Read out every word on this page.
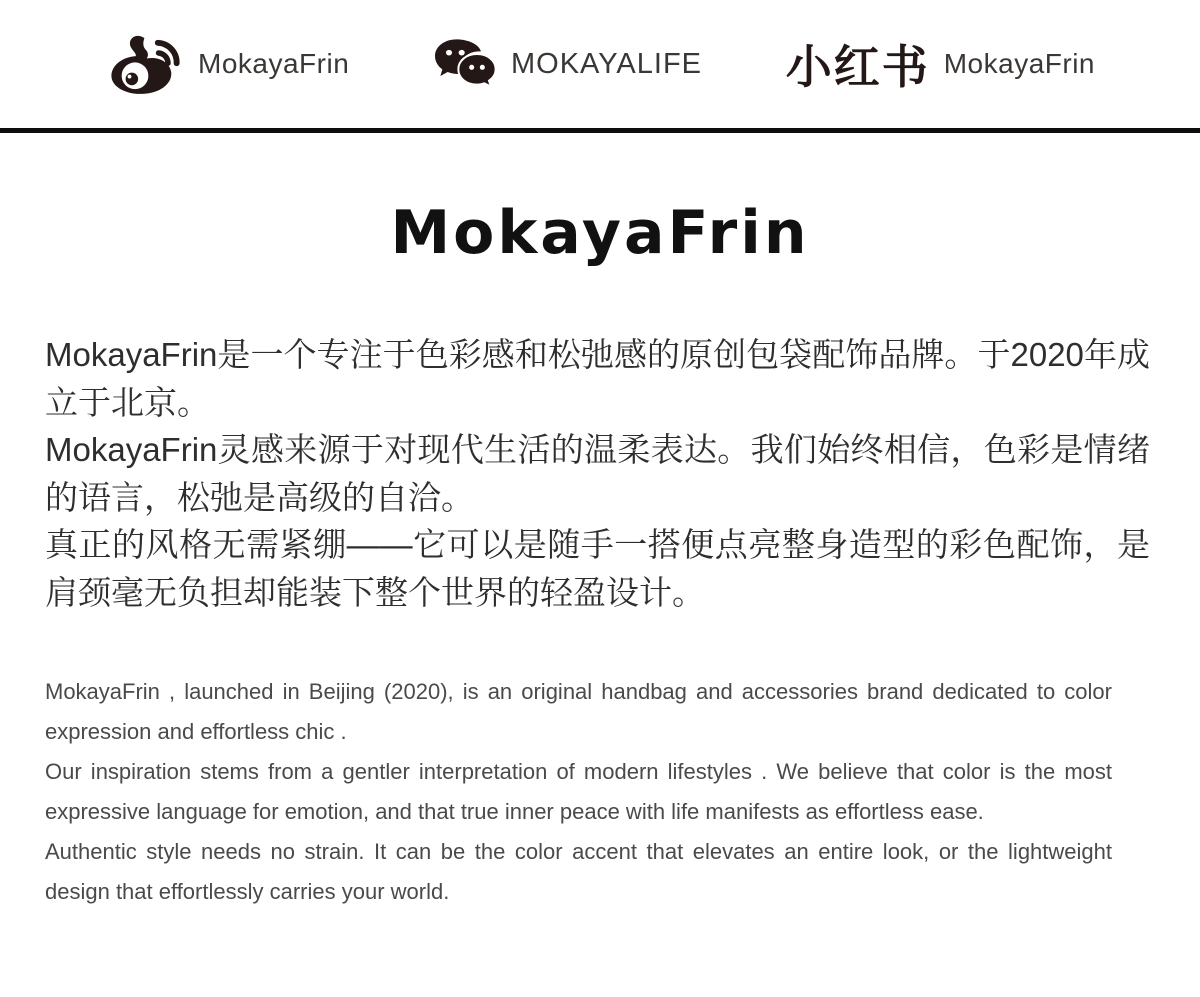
MokayaFrin	MOKAYALIFE 小红书 MokayaFrin
MokayaFrin

MokayaFrin是一个专注于色彩感和松弛感的原创包袋配饰品牌。于2020年成立于北京。

MokayaFrin灵感来源于对现代生活的温柔表达。我们始终相信，色彩是情绪的语言，松弛是高级的自洽。

真正的风格无需紧绷——它可以是随手一搭便点亮整身造型的彩色配饰，是肩颈毫无负担却能装下整个世界的轻盈设计。

MokayaFrin , launched in Beijing (2020), is an original handbag and accessories brand dedicated to color expression and effortless chic .

Our inspiration stems from a gentler interpretation of modern lifestyles . We believe that color is the most expressive language for emotion, and that true inner peace with life manifests as effortless ease.

Authentic style needs no strain. It can be the color accent that elevates an entire look, or the lightweight design that effortlessly carries your world.
